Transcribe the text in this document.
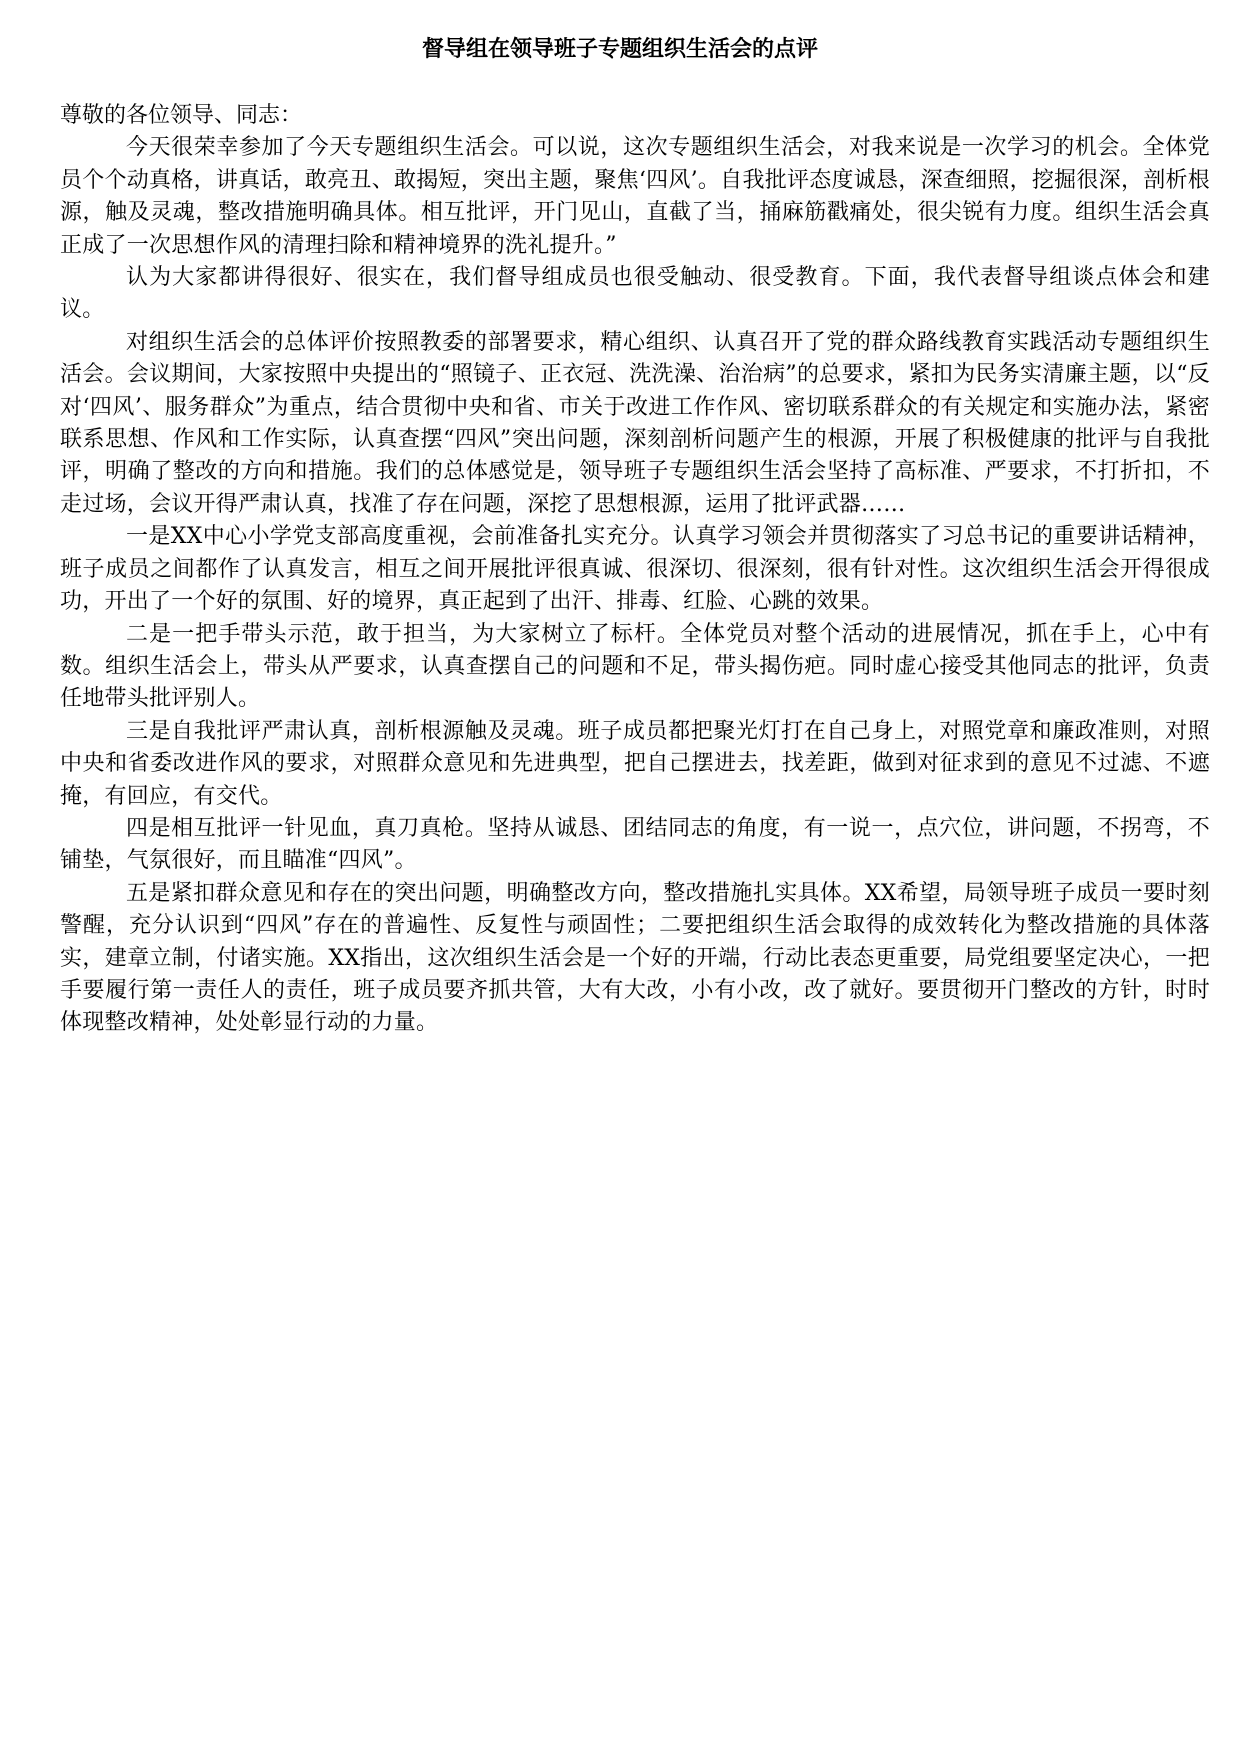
督导组在领导班子专题组织生活会的点评

尊敬的各位领导、同志：

今天很荣幸参加了今天专题组织生活会。可以说，这次专题组织生活会，对我来说是一次学习的机会。全体党员个个动真格，讲真话，敢亮丑、敢揭短，突出主题，聚焦‘四风’。自我批评态度诚恳，深查细照，挖掘很深，剖析根源，触及灵魂，整改措施明确具体。相互批评，开门见山，直截了当，捅麻筋戳痛处，很尖锐有力度。组织生活会真正成了一次思想作风的清理扫除和精神境界的洗礼提升。”

认为大家都讲得很好、很实在，我们督导组成员也很受触动、很受教育。下面，我代表督导组谈点体会和建议。

对组织生活会的总体评价按照教委的部署要求，精心组织、认真召开了党的群众路线教育实践活动专题组织生活会。会议期间，大家按照中央提出的“照镜子、正衣冠、洗洗澡、治治病”的总要求，紧扣为民务实清廉主题，以“反对‘四风’、服务群众”为重点，结合贯彻中央和省、市关于改进工作作风、密切联系群众的有关规定和实施办法，紧密联系思想、作风和工作实际，认真查摆“四风”突出问题，深刻剖析问题产生的根源，开展了积极健康的批评与自我批评，明确了整改的方向和措施。我们的总体感觉是，领导班子专题组织生活会坚持了高标准、严要求，不打折扣，不走过场，会议开得严肃认真，找准了存在问题，深挖了思想根源，运用了批评武器……

一是XX中心小学党支部高度重视，会前准备扎实充分。认真学习领会并贯彻落实了习总书记的重要讲话精神，班子成员之间都作了认真发言，相互之间开展批评很真诚、很深切、很深刻，很有针对性。这次组织生活会开得很成功，开出了一个好的氛围、好的境界，真正起到了出汗、排毒、红脸、心跳的效果。

二是一把手带头示范，敢于担当，为大家树立了标杆。全体党员对整个活动的进展情况，抓在手上，心中有数。组织生活会上，带头从严要求，认真查摆自己的问题和不足，带头揭伤疤。同时虚心接受其他同志的批评，负责任地带头批评别人。

三是自我批评严肃认真，剖析根源触及灵魂。班子成员都把聚光灯打在自己身上，对照党章和廉政准则，对照中央和省委改进作风的要求，对照群众意见和先进典型，把自己摆进去，找差距，做到对征求到的意见不过滤、不遮掩，有回应，有交代。

四是相互批评一针见血，真刀真枪。坚持从诚恳、团结同志的角度，有一说一，点穴位，讲问题，不拐弯，不铺垫，气氛很好，而且瞄准“四风”。

五是紧扣群众意见和存在的突出问题，明确整改方向，整改措施扎实具体。XX希望，局领导班子成员一要时刻警醒，充分认识到“四风”存在的普遍性、反复性与顽固性；二要把组织生活会取得的成效转化为整改措施的具体落实，建章立制，付诸实施。XX指出，这次组织生活会是一个好的开端，行动比表态更重要，局党组要坚定决心，一把手要履行第一责任人的责任，班子成员要齐抓共管，大有大改，小有小改，改了就好。要贯彻开门整改的方针，时时体现整改精神，处处彰显行动的力量。
